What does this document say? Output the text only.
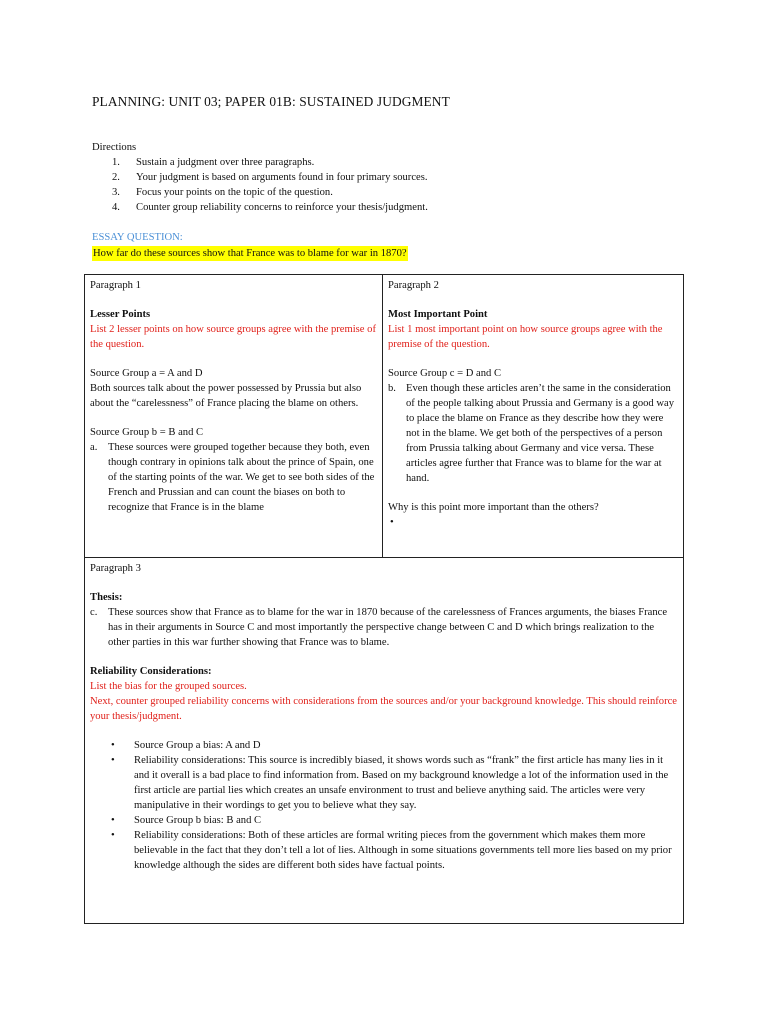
PLANNING: UNIT 03; PAPER 01B: SUSTAINED JUDGMENT
Directions
1. Sustain a judgment over three paragraphs.
2. Your judgment is based on arguments found in four primary sources.
3. Focus your points on the topic of the question.
4. Counter group reliability concerns to reinforce your thesis/judgment.
ESSAY QUESTION:
How far do these sources show that France was to blame for war in 1870?
Paragraph 1
Lesser Points
List 2 lesser points on how source groups agree with the premise of the question.
Source Group a = A and D
Both sources talk about the power possessed by Prussia but also about the “carelessness” of France placing the blame on others.
Source Group b = B and C
a. These sources were grouped together because they both, even though contrary in opinions talk about the prince of Spain, one of the starting points of the war. We get to see both sides of the French and Prussian and can count the biases on both to recognize that France is in the blame
Paragraph 2
Most Important Point
List 1 most important point on how source groups agree with the premise of the question.
Source Group c = D and C
b. Even though these articles aren’t the same in the consideration of the people talking about Prussia and Germany is a good way to place the blame on France as they describe how they were not in the blame. We get both of the perspectives of a person from Prussia talking about Germany and vice versa. These articles agree further that France was to blame for the war at hand.
Why is this point more important than the others?
•
Paragraph 3
Thesis:
c. These sources show that France as to blame for the war in 1870 because of the carelessness of Frances arguments, the biases France has in their arguments in Source C and most importantly the perspective change between C and D which brings realization to the other parties in this war further showing that France was to blame.
Reliability Considerations:
List the bias for the grouped sources.
Next, counter grouped reliability concerns with considerations from the sources and/or your background knowledge. This should reinforce your thesis/judgment.
• Source Group a bias: A and D
• Reliability considerations: This source is incredibly biased, it shows words such as “frank” the first article has many lies in it and it overall is a bad place to find information from. Based on my background knowledge a lot of the information used in the first article are partial lies which creates an unsafe environment to trust and believe anything said. The articles were very manipulative in their wordings to get you to believe what they say.
• Source Group b bias: B and C
• Reliability considerations: Both of these articles are formal writing pieces from the government which makes them more believable in the fact that they don’t tell a lot of lies. Although in some situations governments tell more lies based on my prior knowledge although the sides are different both sides have factual points.
